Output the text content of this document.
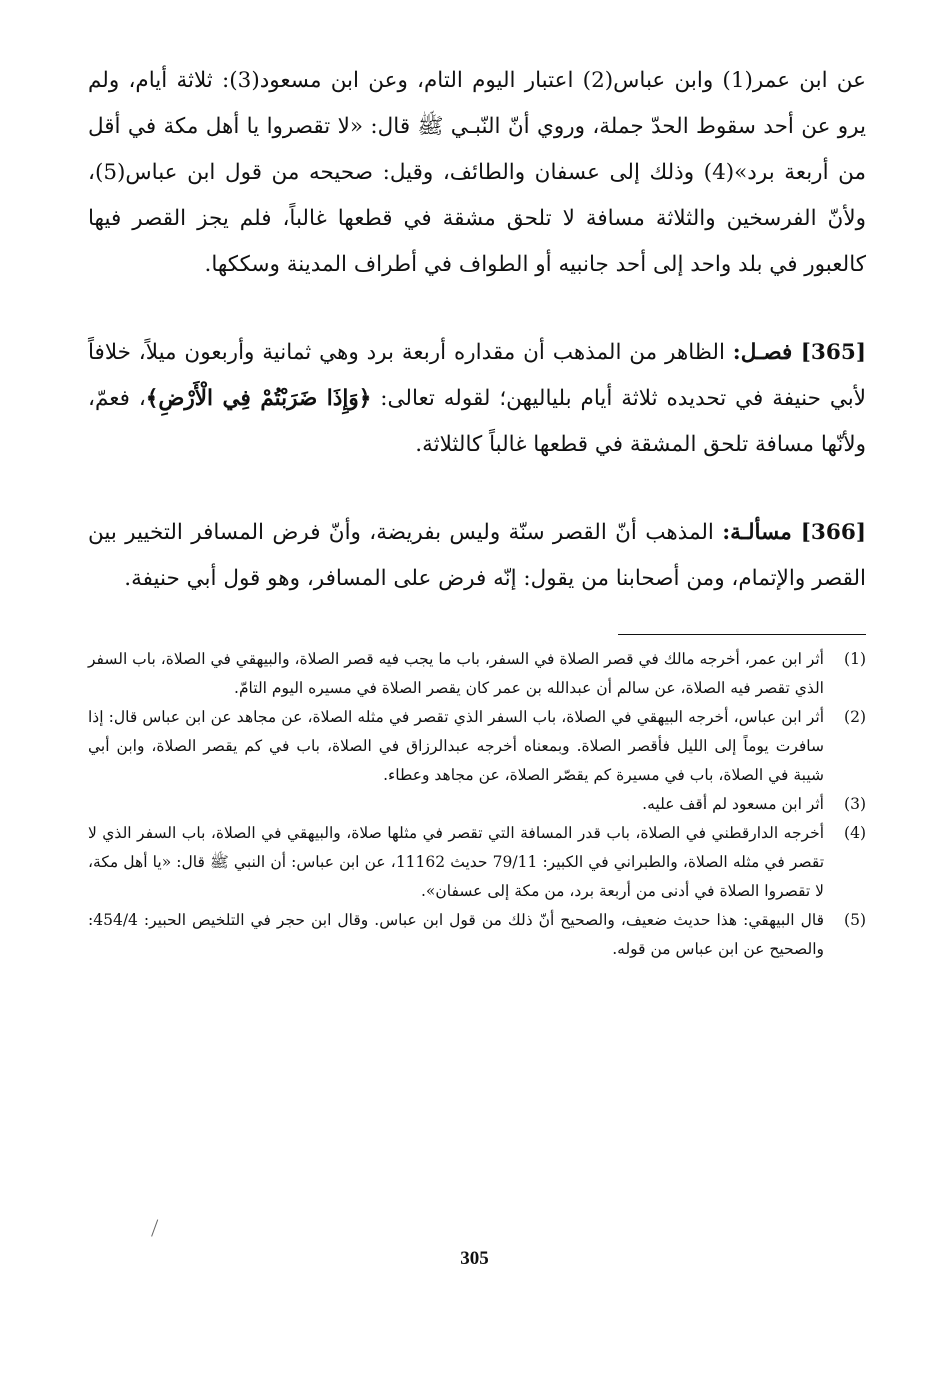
عن ابن عمر(1) وابن عباس(2) اعتبار اليوم التام، وعن ابن مسعود(3): ثلاثة أيام، ولم يرو عن أحد سقوط الحدّ جملة، وروي أنّ النّبـي ﷺ قال: «لا تقصروا يا أهل مكة في أقل من أربعة برد»(4) وذلك إلى عسفان والطائف، وقيل: صحيحه من قول ابن عباس(5)، ولأنّ الفرسخين والثلاثة مسافة لا تلحق مشقة في قطعها غالباً، فلم يجز القصر فيها كالعبور في بلد واحد إلى أحد جانبيه أو الطواف في أطراف المدينة وسككها.

[365] فصـل: الظاهر من المذهب أن مقداره أربعة برد وهي ثمانية وأربعون ميلاً، خلافاً لأبي حنيفة في تحديده ثلاثة أيام بلياليهن؛ لقوله تعالى: ﴿وَإِذَا ضَرَبْتُمْ فِي الْأَرْضِ﴾، فعمّ، ولأنّها مسافة تلحق المشقة في قطعها غالباً كالثلاثة.

[366] مسألـة: المذهب أنّ القصر سنّة وليس بفريضة، وأنّ فرض المسافر التخيير بين القصر والإتمام، ومن أصحابنا من يقول: إنّه فرض على المسافر، وهو قول أبي حنيفة.

(1)
أثر ابن عمر، أخرجه مالك في قصر الصلاة في السفر، باب ما يجب فيه قصر الصلاة، والبيهقي في الصلاة، باب السفر الذي تقصر فيه الصلاة، عن سالم أن عبدالله بن عمر كان يقصر الصلاة في مسيره اليوم التامّ.
(2)
أثر ابن عباس، أخرجه البيهقي في الصلاة، باب السفر الذي تقصر في مثله الصلاة، عن مجاهد عن ابن عباس قال: إذا سافرت يوماً إلى الليل فأقصر الصلاة. وبمعناه أخرجه عبدالرزاق في الصلاة، باب في كم يقصر الصلاة، وابن أبي شيبة في الصلاة، باب في مسيرة كم يقصّر الصلاة، عن مجاهد وعطاء.
(3)
أثر ابن مسعود لم أقف عليه.
(4)
أخرجه الدارقطني في الصلاة، باب قدر المسافة التي تقصر في مثلها صلاة، والبيهقي في الصلاة، باب السفر الذي لا تقصر في مثله الصلاة، والطبراني في الكبير: 79/11 حديث 11162، عن ابن عباس: أن النبي ﷺ قال: «يا أهل مكة، لا تقصروا الصلاة في أدنى من أربعة برد، من مكة إلى عسفان».
(5)
قال البيهقي: هذا حديث ضعيف، والصحيح أنّ ذلك من قول ابن عباس. وقال ابن حجر في التلخيص الحبير: 454/4: والصحيح عن ابن عباس من قوله.
305
